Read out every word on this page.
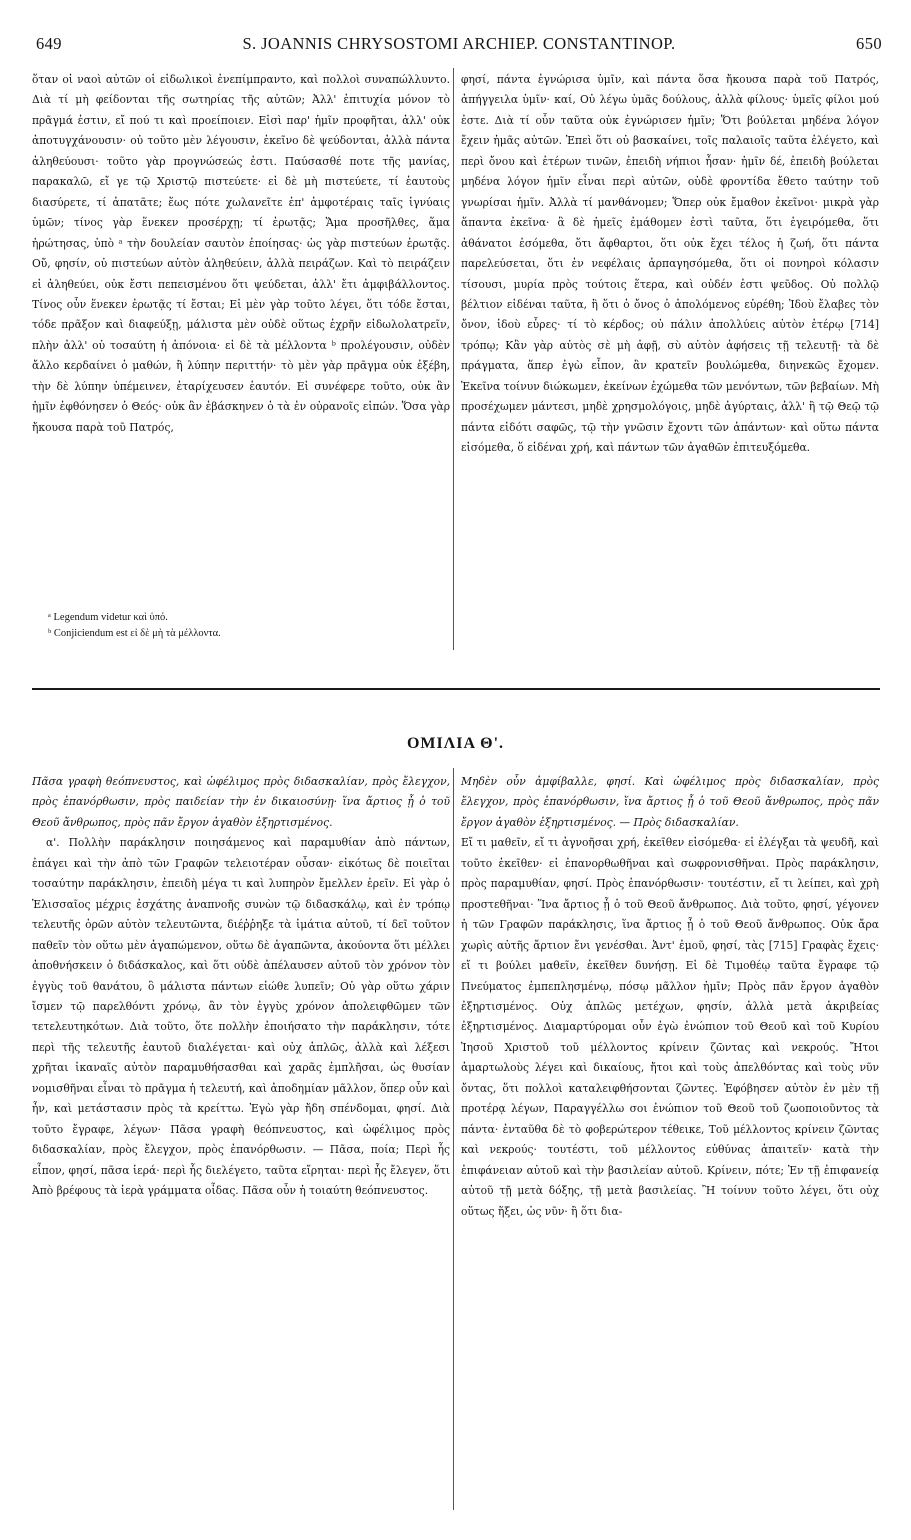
649	S. JOANNIS CHRYSOSTOMI ARCHIEP. CONSTANTINOP.	650

ὅταν οἱ ναοὶ αὐτῶν οἱ εἰδωλικοὶ ἐνεπίμπραντο, καὶ πολλοὶ συναπώλλυντο. Διὰ τί μὴ φείδονται τῆς σωτηρίας τῆς αὐτῶν; Ἀλλ' ἐπιτυχία μόνον τὸ πρᾶγμά ἐστιν, εἴ πού τι καὶ προείποιεν. Εἰσὶ παρ' ἡμῖν προφῆται, ἀλλ' οὐκ ἀποτυγχάνουσιν· οὐ τοῦτο μὲν λέγουσιν, ἐκεῖνο δὲ ψεύδονται, ἀλλὰ πάντα ἀληθεύουσι· τοῦτο γὰρ προγνώσεώς ἐστι. Παύσασθέ ποτε τῆς μανίας, παρακαλῶ, εἴ γε τῷ Χριστῷ πιστεύετε· εἰ δὲ μὴ πιστεύετε, τί ἑαυτοὺς διασύρετε, τί ἀπατᾶτε; ἕως πότε χωλανεῖτε ἐπ' ἀμφοτέραις ταῖς ἰγνύαις ὑμῶν; τίνος γὰρ ἕνεκεν προσέρχῃ; τί ἐρωτᾷς; Ἅμα προσῆλθες, ἅμα ἠρώτησας, ὑπὸ ᵃ τὴν δουλείαν σαυτὸν ἐποίησας· ὡς γὰρ πιστεύων ἐρωτᾷς. Οὔ, φησίν, οὐ πιστεύων αὐτὸν ἀληθεύειν, ἀλλὰ πειράζων. Καὶ τὸ πειράζειν εἰ ἀληθεύει, οὐκ ἔστι πεπεισμένου ὅτι ψεύδεται, ἀλλ' ἔτι ἀμφιβάλλοντος. Τίνος οὖν ἕνεκεν ἐρωτᾷς τί ἔσται; Εἰ μὲν γὰρ τοῦτο λέγει, ὅτι τόδε ἔσται, τόδε πρᾶξον καὶ διαφεύξῃ, μάλιστα μὲν οὐδὲ οὕτως ἐχρῆν εἰδωλολατρεῖν, πλὴν ἀλλ' οὐ τοσαύτη ἡ ἀπόνοια· εἰ δὲ τὰ μέλλοντα ᵇ προλέγουσιν, οὐδὲν ἄλλο κερδαίνει ὁ μαθών, ἢ λύπην περιττήν· τὸ μὲν γὰρ πρᾶγμα οὐκ ἐξέβη, τὴν δὲ λύπην ὑπέμεινεν, ἐταρίχευσεν ἑαυτόν. Εἰ συνέφερε τοῦτο, οὐκ ἂν ἡμῖν ἐφθόνησεν ὁ Θεός· οὐκ ἂν ἐβάσκηνεν ὁ τὰ ἐν οὐρανοῖς εἰπών. Ὅσα γὰρ ἤκουσα παρὰ τοῦ Πατρός,

φησί, πάντα ἐγνώρισα ὑμῖν, καὶ πάντα ὅσα ἤκουσα παρὰ τοῦ Πατρός, ἀπήγγειλα ὑμῖν· καί, Οὐ λέγω ὑμᾶς δούλους, ἀλλὰ φίλους· ὑμεῖς φίλοι μού ἐστε. Διὰ τί οὖν ταῦτα οὐκ ἐγνώρισεν ἡμῖν; Ὅτι βούλεται μηδένα λόγον ἔχειν ἡμᾶς αὐτῶν. Ἐπεὶ ὅτι οὐ βασκαίνει, τοῖς παλαιοῖς ταῦτα ἐλέγετο, καὶ περὶ ὄνου καὶ ἑτέρων τινῶν, ἐπειδὴ νήπιοι ἦσαν· ἡμῖν δέ, ἐπειδὴ βούλεται μηδένα λόγον ἡμῖν εἶναι περὶ αὐτῶν, οὐδὲ φροντίδα ἔθετο ταύτην τοῦ γνωρίσαι ἡμῖν. Ἀλλὰ τί μανθάνομεν; Ὅπερ οὐκ ἔμαθον ἐκεῖνοι· μικρὰ γὰρ ἅπαντα ἐκεῖνα· ἃ δὲ ἡμεῖς ἐμάθομεν ἐστὶ ταῦτα, ὅτι ἐγειρόμεθα, ὅτι ἀθάνατοι ἐσόμεθα, ὅτι ἄφθαρτοι, ὅτι οὐκ ἔχει τέλος ἡ ζωή, ὅτι πάντα παρελεύσεται, ὅτι ἐν νεφέλαις ἁρπαγησόμεθα, ὅτι οἱ πονηροὶ κόλασιν τίσουσι, μυρία πρὸς τούτοις ἕτερα, καὶ οὐδέν ἐστι ψεῦδος. Οὐ πολλῷ βέλτιον εἰδέναι ταῦτα, ἢ ὅτι ὁ ὄνος ὁ ἀπολόμενος εὑρέθη; Ἰδοὺ ἔλαβες τὸν ὄνον, ἰδοὺ εὗρες· τί τὸ κέρδος; οὐ πάλιν ἀπολλύεις αὐτὸν ἑτέρῳ [714] τρόπῳ; Κἂν γὰρ αὐτὸς σὲ μὴ ἀφῇ, σὺ αὐτὸν ἀφήσεις τῇ τελευτῇ· τὰ δὲ πράγματα, ἅπερ ἐγὼ εἶπον, ἂν κρατεῖν βουλώμεθα, διηνεκῶς ἔχομεν. Ἐκεῖνα τοίνυν διώκωμεν, ἐκείνων ἐχώμεθα τῶν μενόντων, τῶν βεβαίων. Μὴ προσέχωμεν μάντεσι, μηδὲ χρησμολόγοις, μηδὲ ἀγύρταις, ἀλλ' ἢ τῷ Θεῷ τῷ πάντα εἰδότι σαφῶς, τῷ τὴν γνῶσιν ἔχοντι τῶν ἁπάντων· καὶ οὕτω πάντα εἰσόμεθα, ὅ εἰδέναι χρή, καὶ πάντων τῶν ἀγαθῶν ἐπιτευξόμεθα.

ᵃ Legendum videtur καὶ ὑπό.

ᵇ Conjiciendum est εἰ δὲ μὴ τὰ μέλλοντα.

ΟΜΙΛΙΑ Θ'.

Πᾶσα γραφὴ θεόπνευστος, καὶ ὠφέλιμος πρὸς διδασκαλίαν, πρὸς ἔλεγχον, πρὸς ἐπανόρθωσιν, πρὸς παιδείαν τὴν ἐν δικαιοσύνῃ· ἵνα ἄρτιος ᾖ ὁ τοῦ Θεοῦ ἄνθρωπος, πρὸς πᾶν ἔργον ἀγαθὸν ἐξηρτισμένος.

α'. Πολλὴν παράκλησιν ποιησάμενος καὶ παραμυθίαν ἀπὸ πάντων, ἐπάγει καὶ τὴν ἀπὸ τῶν Γραφῶν τελειοτέραν οὖσαν· εἰκότως δὲ ποιεῖται τοσαύτην παράκλησιν, ἐπειδὴ μέγα τι καὶ λυπηρὸν ἔμελλεν ἐρεῖν. Εἰ γὰρ ὁ Ἐλισσαῖος μέχρις ἐσχάτης ἀναπνοῆς συνὼν τῷ διδασκάλῳ, καὶ ἐν τρόπῳ τελευτῆς ὁρῶν αὐτὸν τελευτῶντα, διέῤῥηξε τὰ ἱμάτια αὐτοῦ, τί δεῖ τοῦτον παθεῖν τὸν οὕτω μὲν ἀγαπώμενον, οὕτω δὲ ἀγαπῶντα, ἀκούοντα ὅτι μέλλει ἀποθνήσκειν ὁ διδάσκαλος, καὶ ὅτι οὐδὲ ἀπέλαυσεν αὐτοῦ τὸν χρόνον τὸν ἐγγὺς τοῦ θανάτου, ὃ μάλιστα πάντων εἰώθε λυπεῖν; Οὐ γὰρ οὕτω χάριν ἴσμεν τῷ παρελθόντι χρόνῳ, ἂν τὸν ἐγγὺς χρόνον ἀπολειφθῶμεν τῶν τετελευτηκότων. Διὰ τοῦτο, ὅτε πολλὴν ἐποιήσατο τὴν παράκλησιν, τότε περὶ τῆς τελευτῆς ἑαυτοῦ διαλέγεται· καὶ οὐχ ἁπλῶς, ἀλλὰ καὶ λέξεσι χρῆται ἱκαναῖς αὐτὸν παραμυθήσασθαι καὶ χαρᾶς ἐμπλῆσαι, ὡς θυσίαν νομισθῆναι εἶναι τὸ πρᾶγμα ἡ τελευτή, καὶ ἀποδημίαν μᾶλλον, ὅπερ οὖν καὶ ἦν, καὶ μετάστασιν πρὸς τὰ κρείττω. Ἐγὼ γὰρ ἤδη σπένδομαι, φησί. Διὰ τοῦτο ἔγραφε, λέγων· Πᾶσα γραφὴ θεόπνευστος, καὶ ὠφέλιμος πρὸς διδασκαλίαν, πρὸς ἔλεγχον, πρὸς ἐπανόρθωσιν. — Πᾶσα, ποία; Περὶ ἧς εἶπον, φησί, πᾶσα ἱερά· περὶ ἧς διελέγετο, ταῦτα εἴρηται· περὶ ἧς ἔλεγεν, ὅτι Ἀπὸ βρέφους τὰ ἱερὰ γράμματα οἶδας. Πᾶσα οὖν ἡ τοιαύτη θεόπνευστος.

Μηδὲν οὖν ἀμφίβαλλε, φησί. Καὶ ὠφέλιμος πρὸς διδασκαλίαν, πρὸς ἔλεγχον, πρὸς ἐπανόρθωσιν, ἵνα ἄρτιος ᾖ ὁ τοῦ Θεοῦ ἄνθρωπος, πρὸς πᾶν ἔργον ἀγαθὸν ἐξηρτισμένος. — Πρὸς διδασκαλίαν.

Εἴ τι μαθεῖν, εἴ τι ἀγνοῆσαι χρή, ἐκεῖθεν εἰσόμεθα· εἰ ἐλέγξαι τὰ ψευδῆ, καὶ τοῦτο ἐκεῖθεν· εἰ ἐπανορθωθῆναι καὶ σωφρονισθῆναι. Πρὸς παράκλησιν, πρὸς παραμυθίαν, φησί. Πρὸς ἐπανόρθωσιν· τουτέστιν, εἴ τι λείπει, καὶ χρὴ προστεθῆναι· Ἵνα ἄρτιος ᾖ ὁ τοῦ Θεοῦ ἄνθρωπος. Διὰ τοῦτο, φησί, γέγονεν ἡ τῶν Γραφῶν παράκλησις, ἵνα ἄρτιος ᾖ ὁ τοῦ Θεοῦ ἄνθρωπος. Οὐκ ἄρα χωρὶς αὐτῆς ἄρτιον ἔνι γενέσθαι. Ἀντ' ἐμοῦ, φησί, τὰς [715] Γραφὰς ἔχεις· εἴ τι βούλει μαθεῖν, ἐκεῖθεν δυνήσῃ. Εἰ δὲ Τιμοθέῳ ταῦτα ἔγραφε τῷ Πνεύματος ἐμπεπλησμένῳ, πόσῳ μᾶλλον ἡμῖν; Πρὸς πᾶν ἔργον ἀγαθὸν ἐξηρτισμένος. Οὐχ ἁπλῶς μετέχων, φησίν, ἀλλὰ μετὰ ἀκριβείας ἐξηρτισμένος. Διαμαρτύρομαι οὖν ἐγὼ ἐνώπιον τοῦ Θεοῦ καὶ τοῦ Κυρίου Ἰησοῦ Χριστοῦ τοῦ μέλλοντος κρίνειν ζῶντας καὶ νεκρούς. Ἤτοι ἁμαρτωλοὺς λέγει καὶ δικαίους, ἤτοι καὶ τοὺς ἀπελθόντας καὶ τοὺς νῦν ὄντας, ὅτι πολλοὶ καταλειφθήσονται ζῶντες. Ἐφόβησεν αὐτὸν ἐν μὲν τῇ προτέρᾳ λέγων, Παραγγέλλω σοι ἐνώπιον τοῦ Θεοῦ τοῦ ζωοποιοῦντος τὰ πάντα· ἐνταῦθα δὲ τὸ φοβερώτερον τέθεικε, Τοῦ μέλλοντος κρίνειν ζῶντας καὶ νεκρούς· τουτέστι, τοῦ μέλλοντος εὐθύνας ἀπαιτεῖν· κατὰ τὴν ἐπιφάνειαν αὐτοῦ καὶ τὴν βασιλείαν αὐτοῦ. Κρίνειν, πότε; Ἐν τῇ ἐπιφανείᾳ αὐτοῦ τῇ μετὰ δόξης, τῇ μετὰ βασιλείας. Ἢ τοίνυν τοῦτο λέγει, ὅτι οὐχ οὕτως ἥξει, ὡς νῦν· ἢ ὅτι δια-
